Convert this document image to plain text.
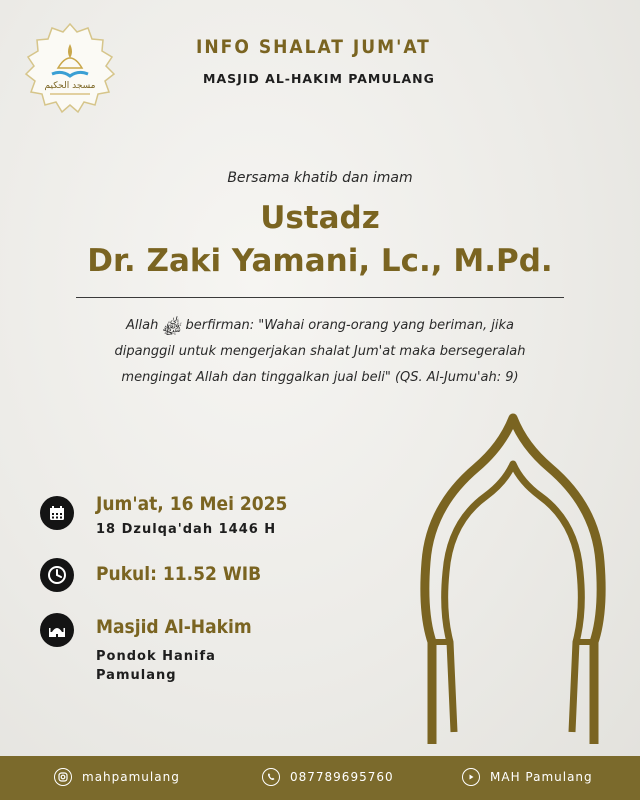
مسجد الحكيم
INFO SHALAT JUM'AT
MASJID AL-HAKIM PAMULANG
Bersama khatib dan imam
Ustadz
Dr. Zaki Yamani, Lc., M.Pd.
Allah ﷾ berfirman: "Wahai orang-orang yang beriman, jika
dipanggil untuk mengerjakan shalat Jum'at maka bersegeralah
mengingat Allah dan tinggalkan jual beli" (QS. Al-Jumu'ah: 9)
Jum'at, 16 Mei 2025
18 Dzulqa'dah 1446 H
Pukul: 11.52 WIB
Masjid Al-Hakim
Pondok Hanifa
Pamulang
mahpamulang	087789695760	MAH Pamulang
